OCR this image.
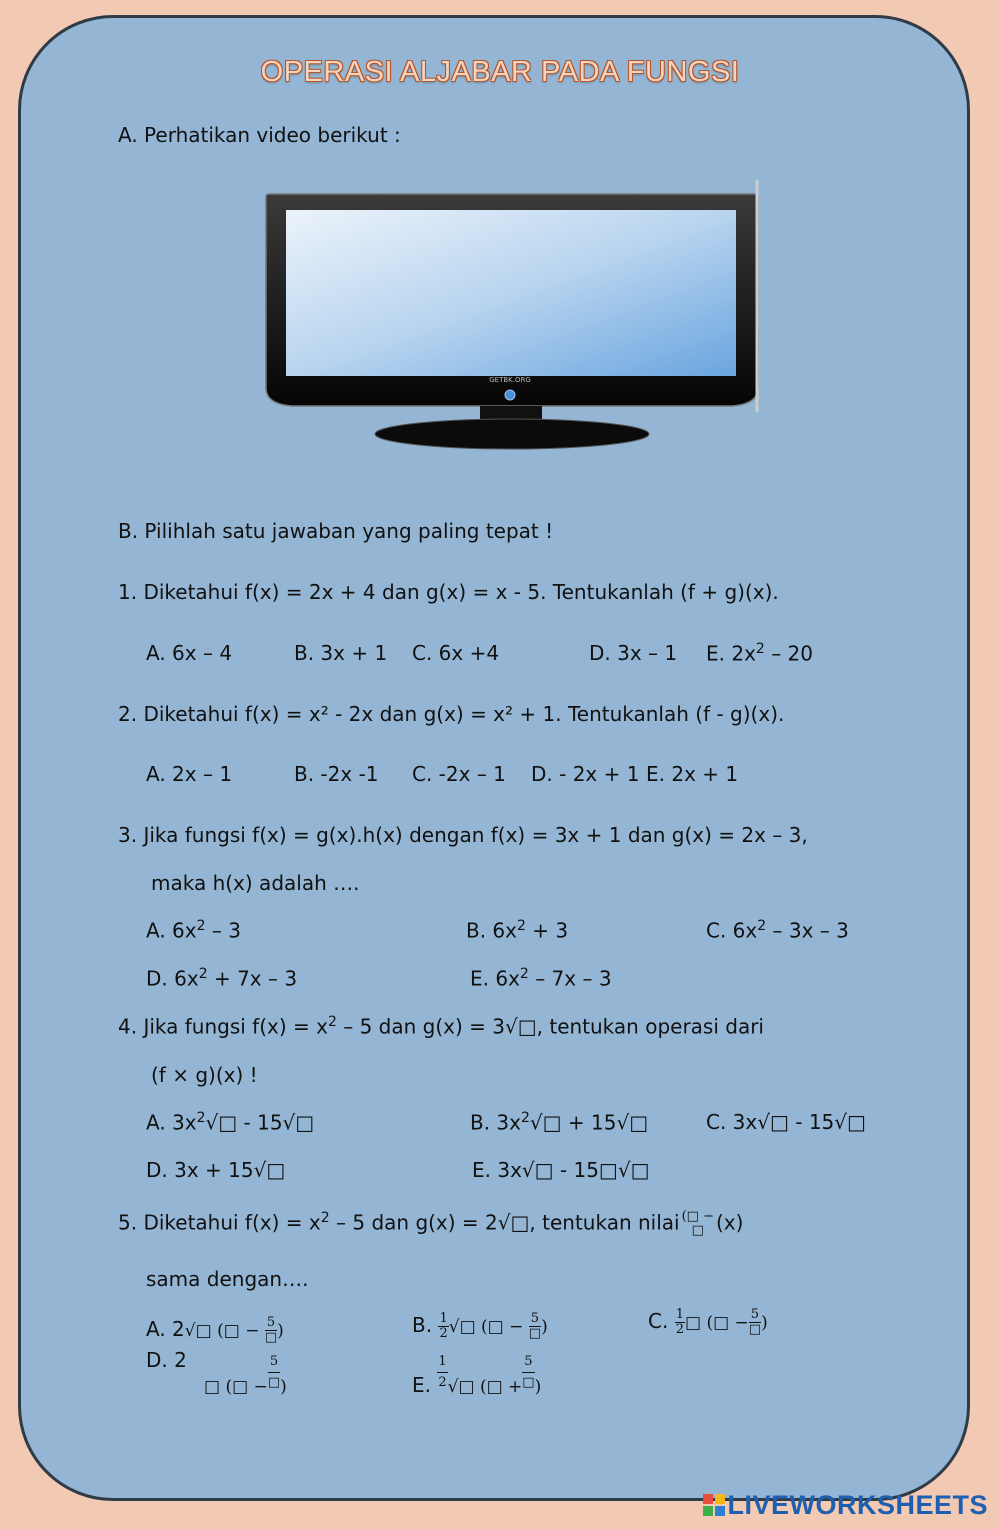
OPERASI ALJABAR PADA FUNGSI
A. Perhatikan video berikut :
GETBK.ORG
B. Pilihlah satu jawaban yang paling tepat !
1. Diketahui f(x) = 2x + 4 dan g(x) = x - 5. Tentukanlah (f + g)(x).
A. 6x – 4	B. 3x + 1 C. 6x +4	D. 3x – 1 E. $2x^2 - 20$
2. Diketahui f(x) = x² - 2x dan g(x) = x² + 1. Tentukanlah (f - g)(x).
A. 2x – 1	B. -2x -1 C. -2x – 1 D. - 2x + 1 E. 2x + 1
3. Jika fungsi f(x) = g(x).h(x) dengan f(x) = 3x + 1 dan g(x) = 2x – 3,
maka h(x) adalah ….
A. $6x^2 - 3$	B. $6x^2 + 3$	C. $6x^2 - 3x - 3$
D. $6x^2 + 7x - 3$	E. $6x^2 - 7x - 3$
4. Jika fungsi $f(x) = x^2 - 5$ dan g(x) = 3√□, tentukan operasi dari
(f × g)(x) !
A. $3x^2√□$ - 15√□	B. $3x^2√□$ + 15√□	C. 3x√□ - 15√□
D. 3x + 15√□	E. 3x√□ - 15□√□
5. Diketahui $f(x) = x^2 - 5$ dan g(x) = 2√□, tentukan nilai (□ −
□ (x)
sama dengan….
A. 2√□ (□ − $\frac{5}{□}$ )	B. $\frac{1}{2}$ √□ (□ − $\frac{5}{□}$ )	C. $\frac{1}{2}$ □ (□ − $\frac{5}{□}$ )
D. 2
$_{□ (□ -} \frac{5}{□} _)$	E. $\frac{1}{2} _{√□ (□ +} \frac{5}{□} _)$
LIVEWORKSHEETS
